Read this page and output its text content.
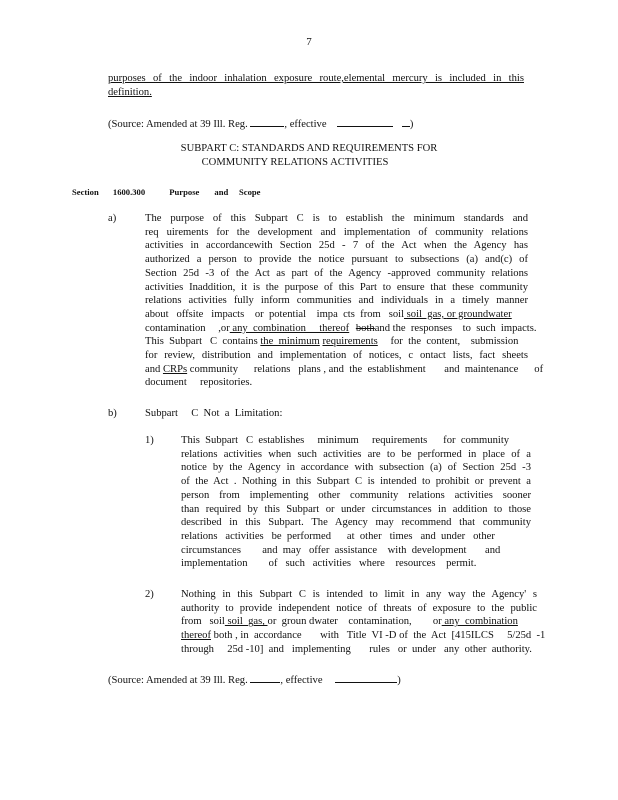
7
purposes of the indoor inhalation exposure route,elemental mercury is included in this
definition.
(Source: Amended at 39 Ill. Reg.	, effective	)
SUBPART C: STANDARDS AND REQUIREMENTS FOR
COMMUNITY RELATIONS ACTIVITIES
Section 1600.300	Purpose       and     Scope
a)	The purpose of this Subpart C is to establish the minimum standards and
req uirements for the development and implementation of community relations
activities in accordancewith Section 25d - 7 of the Act when the Agency has
authorized a person to provide the notice pursuant to subsections (a) and(c) of
Section 25d -3 of the Act as part of the Agency -approved community relations
activities Inaddition, it is the purpose of this Part to ensure that these community
relations activities fully inform communities and individuals in a timely manner
about   offsite   impacts    or  potential    impa  cts  from   soil soil  gas, or groundwater
contamination ,or any  combination     thereof bothand the  responses    to  such  impacts.
This  Subpart   C  contains the  minimum requirements for  the  content,    submission
for review, distribution and implementation of notices, c ontact lists, fact sheets
and CRPs community      relations   plans , and  the  establishment       and  maintenance      of
document     repositories.
b)	Subpart     C  Not  a  Limitation:
1)	This  Subpart   C  establishes     minimum     requirements      for  community
relations activities when such activities are to be performed in place of a
notice by the Agency in accordance with subsection (a) of Section 25d -3
of the Act . Nothing in this Subpart C is intended to prohibit or prevent a
person from implementing other community relations activities sooner
than required by this Subpart or under circumstances in addition to those
described in this Subpart. The Agency may recommend that community
relations   activities   be  performed      at  other   times   and  under   other
circumstances        and  may   offer  assistance    with  development       and
implementation        of   such   activities   where    resources    permit.
2)	Nothing in this Subpart C is intended to limit in any way the Agency' s
authority to provide independent notice of threats of exposure to the public
from   soil soil  gas, or  groun dwater    contamination,        or any  combination
thereof both , in  accordance       with   Title  VI -D of  the  Act  [415ILCS     5/25d  -1
through     25d -10]  and   implementing       rules   or  under   any  other  authority.
(Source: Amended at 39 Ill. Reg.	, effective	)
